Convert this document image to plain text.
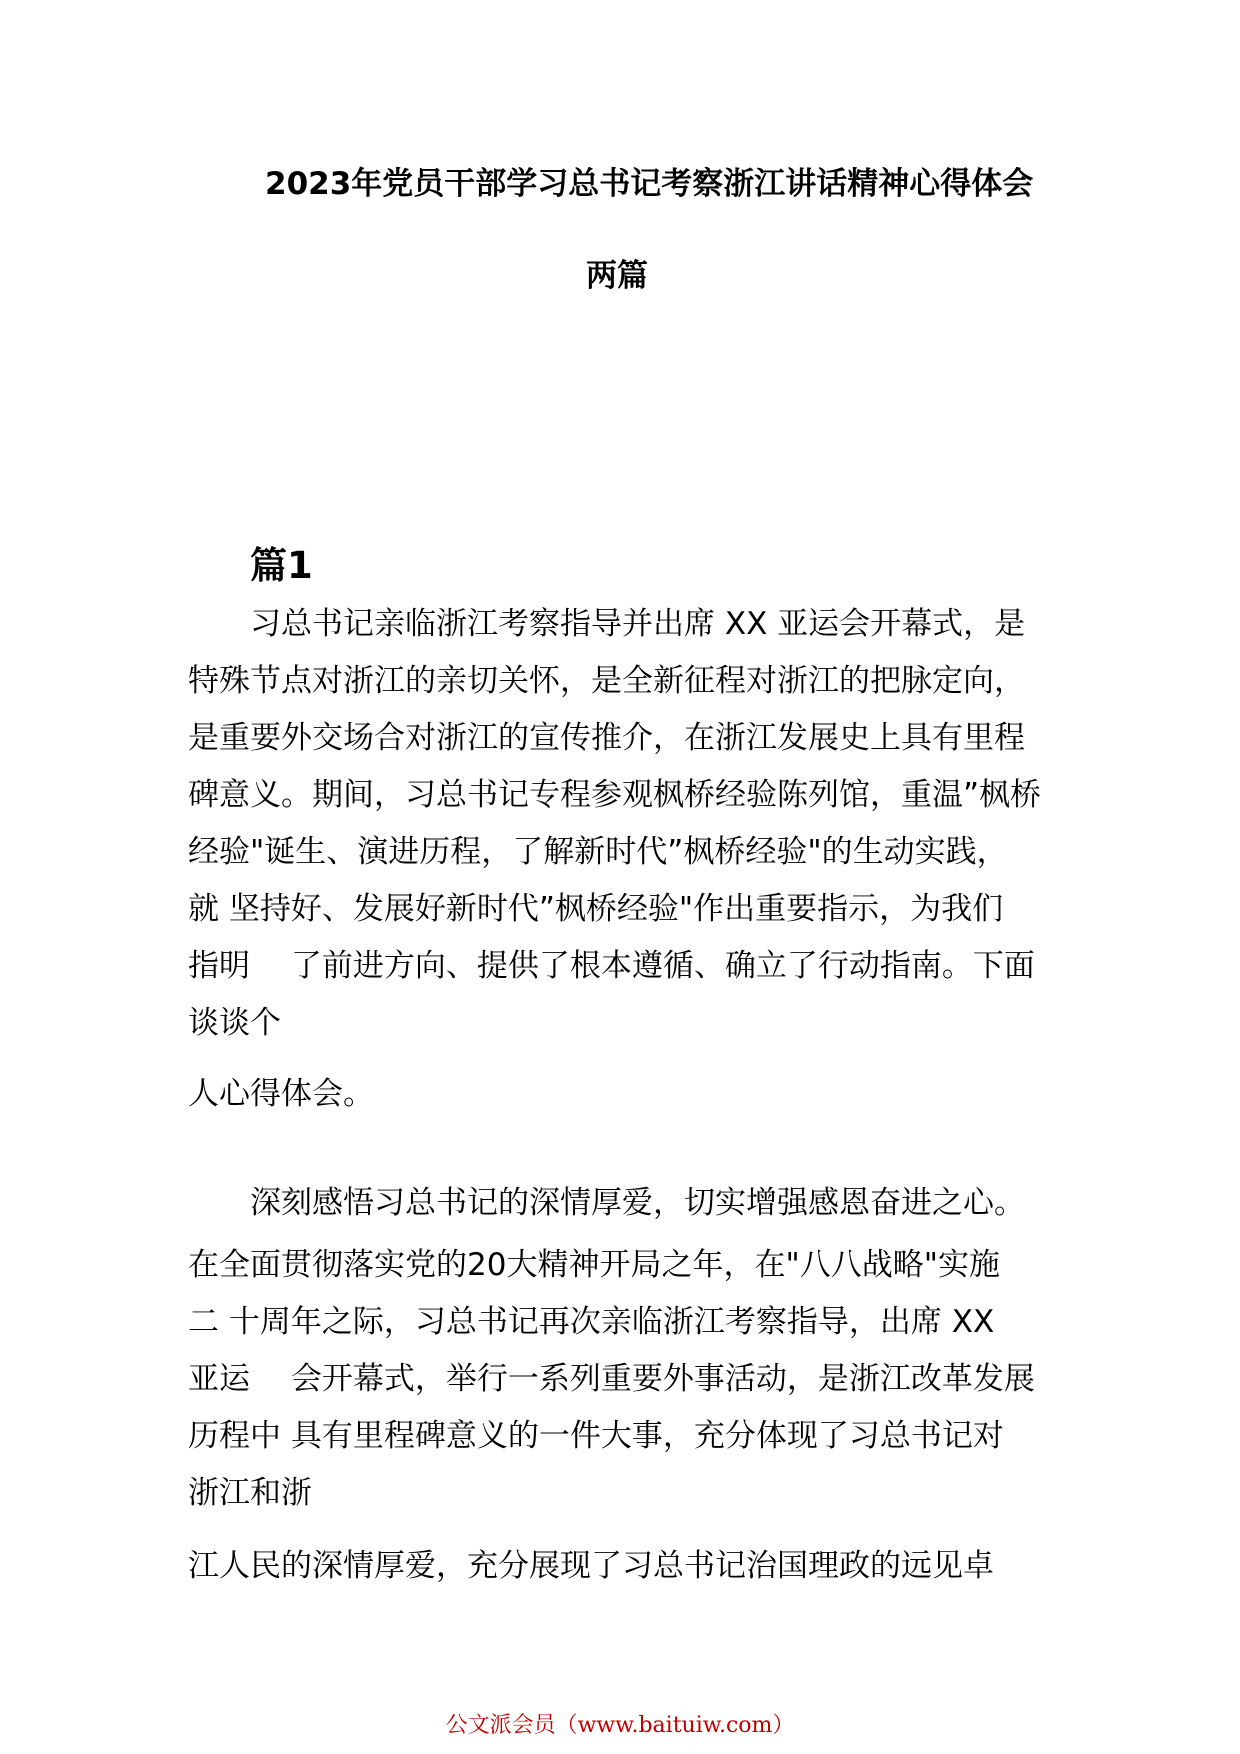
2023年党员干部学习总书记考察浙江讲话精神心得体会
两篇
篇1
习总书记亲临浙江考察指导并出席 XX 亚运会开幕式，是
特殊节点对浙江的亲切关怀，是全新征程对浙江的把脉定向，
是重要外交场合对浙江的宣传推介，在浙江发展史上具有里程
碑意义。期间，习总书记专程参观枫桥经验陈列馆，重温”枫桥
经验"诞生、演进历程，了解新时代”枫桥经验"的生动实践，
就 坚持好、发展好新时代”枫桥经验"作出重要指示，为我们
指明　 了前进方向、提供了根本遵循、确立了行动指南。下面
谈谈个
人心得体会。
深刻感悟习总书记的深情厚爱，切实增强感恩奋进之心。
在全面贯彻落实党的20大精神开局之年，在"八八战略"实施
二 十周年之际，习总书记再次亲临浙江考察指导，出席 XX
亚运　 会开幕式，举行一系列重要外事活动，是浙江改革发展
历程中 具有里程碑意义的一件大事，充分体现了习总书记对
浙江和浙
江人民的深情厚爱，充分展现了习总书记治国理政的远见卓
公文派会员（www.baituiw.com）
